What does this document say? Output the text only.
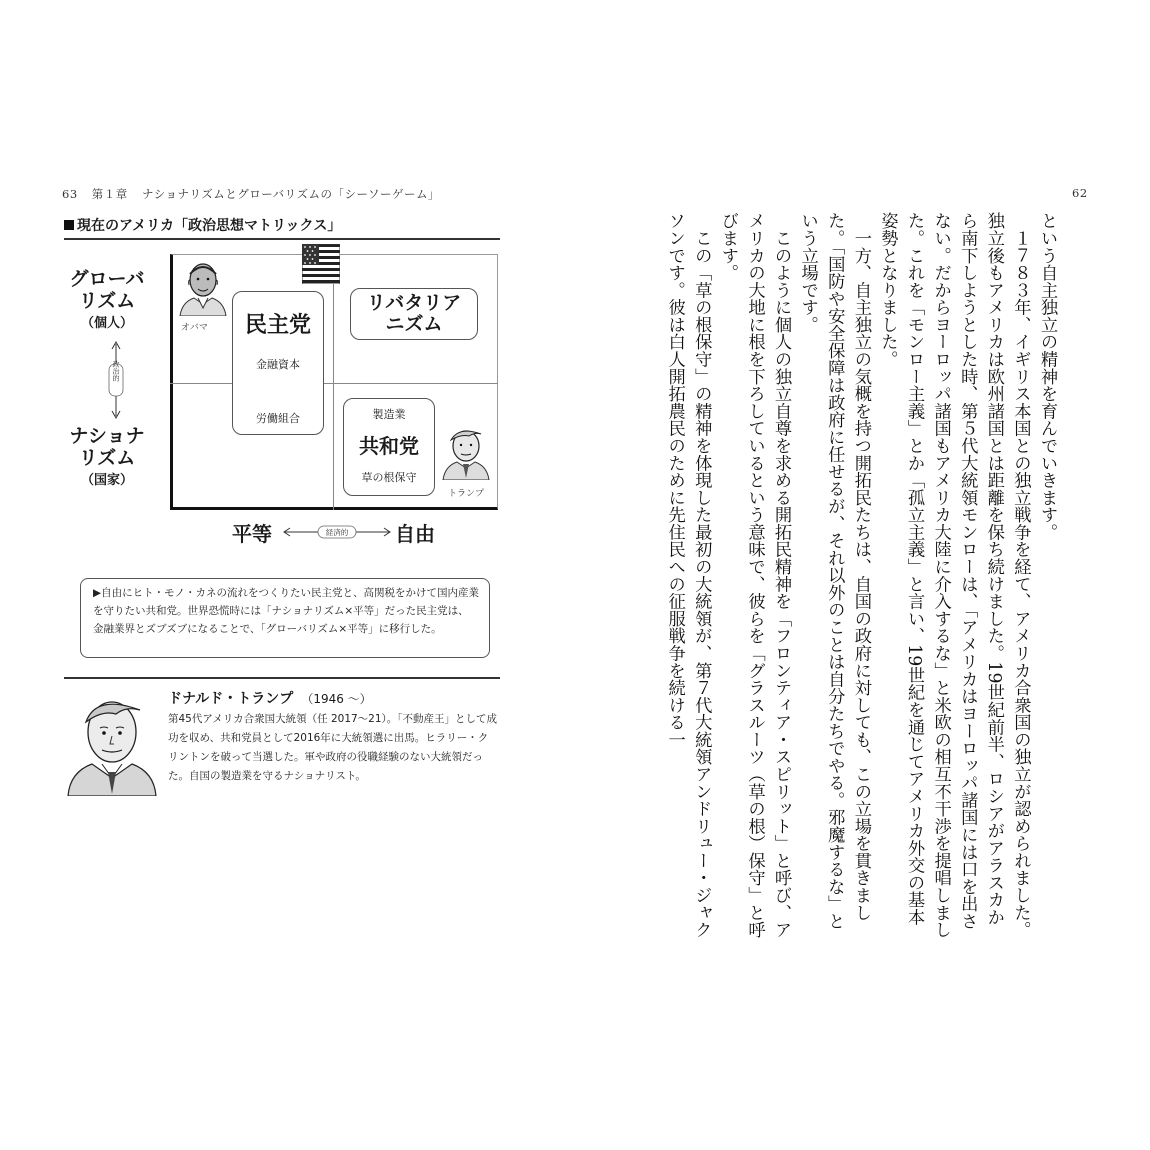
63 第１章 ナショナリズムとグローバリズムの「シーソーゲーム」	62
現在のアメリカ「政治思想マトリックス」
オバマ	民主党
金融資本
労働組合
リバタリア
ニズム
製造業
共和党
草の根保守
トランプ
グローバ
リズム
（個人）
政治的
ナショナ
リズム
（国家）
平等	経済的 自由
▶自由にヒト・モノ・カネの流れをつくりたい民主党と、高関税をかけて国内産業を守りたい共和党。世界恐慌時には「ナショナリズム×平等」だった民主党は、金融業界とズブズブになることで、「グローバリズム×平等」に移行した。
ドナルド・トランプ （1946 ～）
第45代アメリカ合衆国大統領（任 2017～21）。「不動産王」として成功を収め、共和党員として2016年に大統領選に出馬。ヒラリー・クリントンを破って当選した。軍や政府の役職経験のない大統領だった。自国の製造業を守るナショナリスト。

という自主独立の精神を育んでいきます。

　１７８３年、イギリス本国との独立戦争を経て、アメリカ合衆国の独立が認められました。独立後もアメリカは欧州諸国とは距離を保ち続けました。19世紀前半、ロシアがアラスカから南下しようとした時、第５代大統領モンローは、「アメリカはヨーロッパ諸国には口を出さない。だからヨーロッパ諸国もアメリカ大陸に介入するな」と米欧の相互不干渉を提唱しました。これを「モンロー主義」とか「孤立主義」と言い、19世紀を通じてアメリカ外交の基本姿勢となりました。

　一方、自主独立の気概を持つ開拓民たちは、自国の政府に対しても、この立場を貫きました。「国防や安全保障は政府に任せるが、それ以外のことは自分たちでやる。邪魔するな」という立場です。

　このように個人の独立自尊を求める開拓民精神を「フロンティア・スピリット」と呼び、アメリカの大地に根を下ろしているという意味で、彼らを「グラスルーツ（草の根）保守」と呼びます。

　この「草の根保守」の精神を体現した最初の大統領が、第７代大統領アンドリュー・ジャクソンです。彼は白人開拓農民のために先住民への征服戦争を続ける一
